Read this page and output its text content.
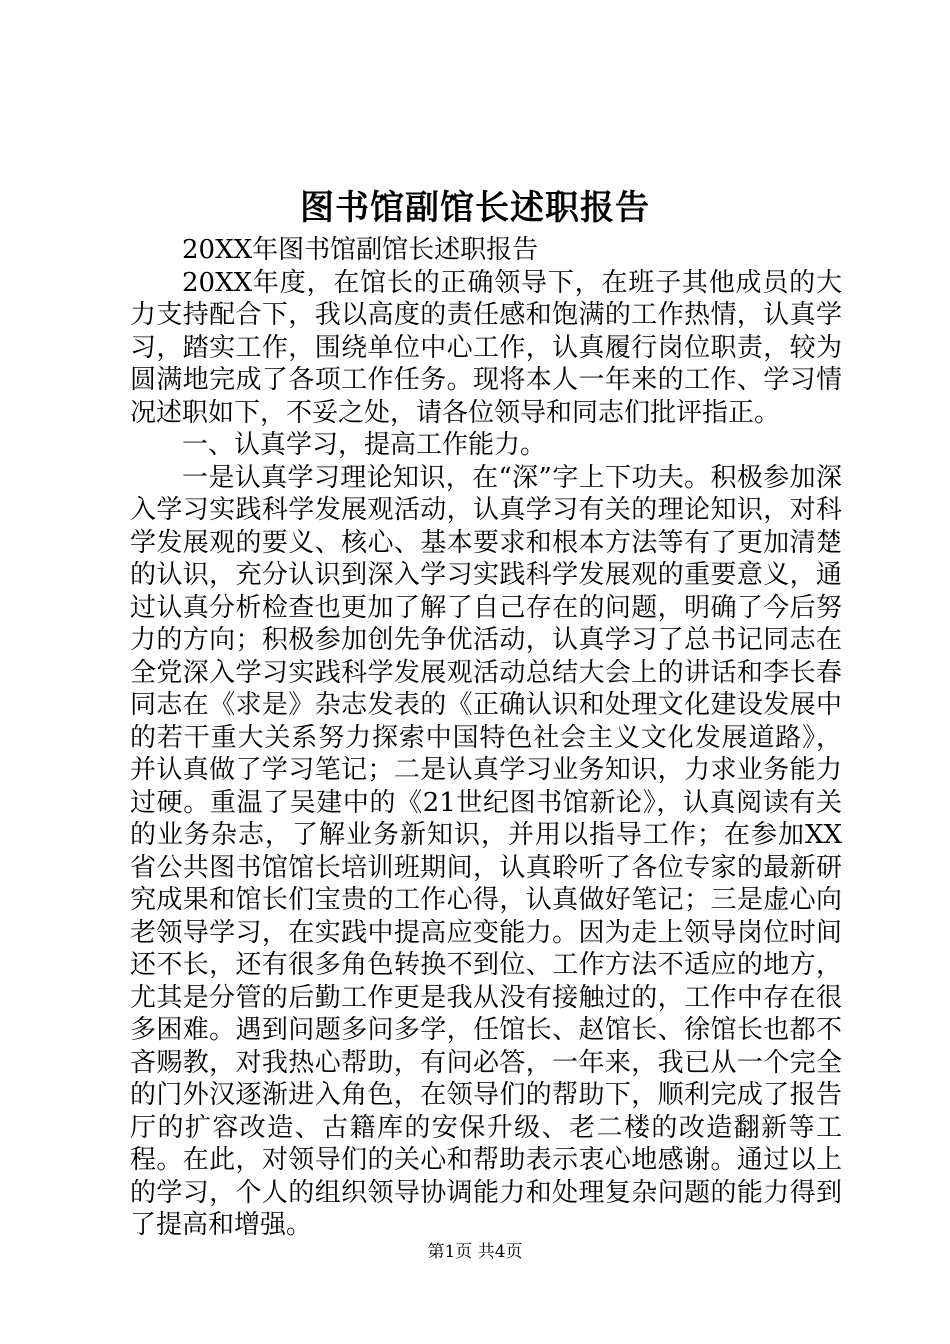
图书馆副馆长述职报告

20XX年图书馆副馆长述职报告

20XX年度，在馆长的正确领导下，在班子其他成员的大力支持配合下，我以高度的责任感和饱满的工作热情，认真学习，踏实工作，围绕单位中心工作，认真履行岗位职责，较为圆满地完成了各项工作任务。现将本人一年来的工作、学习情况述职如下，不妥之处，请各位领导和同志们批评指正。

一、认真学习，提高工作能力。

一是认真学习理论知识，在“深”字上下功夫。积极参加深入学习实践科学发展观活动，认真学习有关的理论知识，对科学发展观的要义、核心、基本要求和根本方法等有了更加清楚的认识，充分认识到深入学习实践科学发展观的重要意义，通过认真分析检查也更加了解了自己存在的问题，明确了今后努力的方向；积极参加创先争优活动，认真学习了总书记同志在全党深入学习实践科学发展观活动总结大会上的讲话和李长春同志在《求是》杂志发表的《正确认识和处理文化建设发展中的若干重大关系努力探索中国特色社会主义文化发展道路》，并认真做了学习笔记；二是认真学习业务知识，力求业务能力过硬。重温了吴建中的《21世纪图书馆新论》，认真阅读有关的业务杂志，了解业务新知识，并用以指导工作；在参加XX省公共图书馆馆长培训班期间，认真聆听了各位专家的最新研究成果和馆长们宝贵的工作心得，认真做好笔记；三是虚心向老领导学习，在实践中提高应变能力。因为走上领导岗位时间还不长，还有很多角色转换不到位、工作方法不适应的地方，尤其是分管的后勤工作更是我从没有接触过的，工作中存在很多困难。遇到问题多问多学，任馆长、赵馆长、徐馆长也都不吝赐教，对我热心帮助，有问必答，一年来，我已从一个完全的门外汉逐渐进入角色，在领导们的帮助下，顺利完成了报告厅的扩容改造、古籍库的安保升级、老二楼的改造翻新等工程。在此，对领导们的关心和帮助表示衷心地感谢。通过以上的学习，个人的组织领导协调能力和处理复杂问题的能力得到了提高和增强。

第1页 共4页
